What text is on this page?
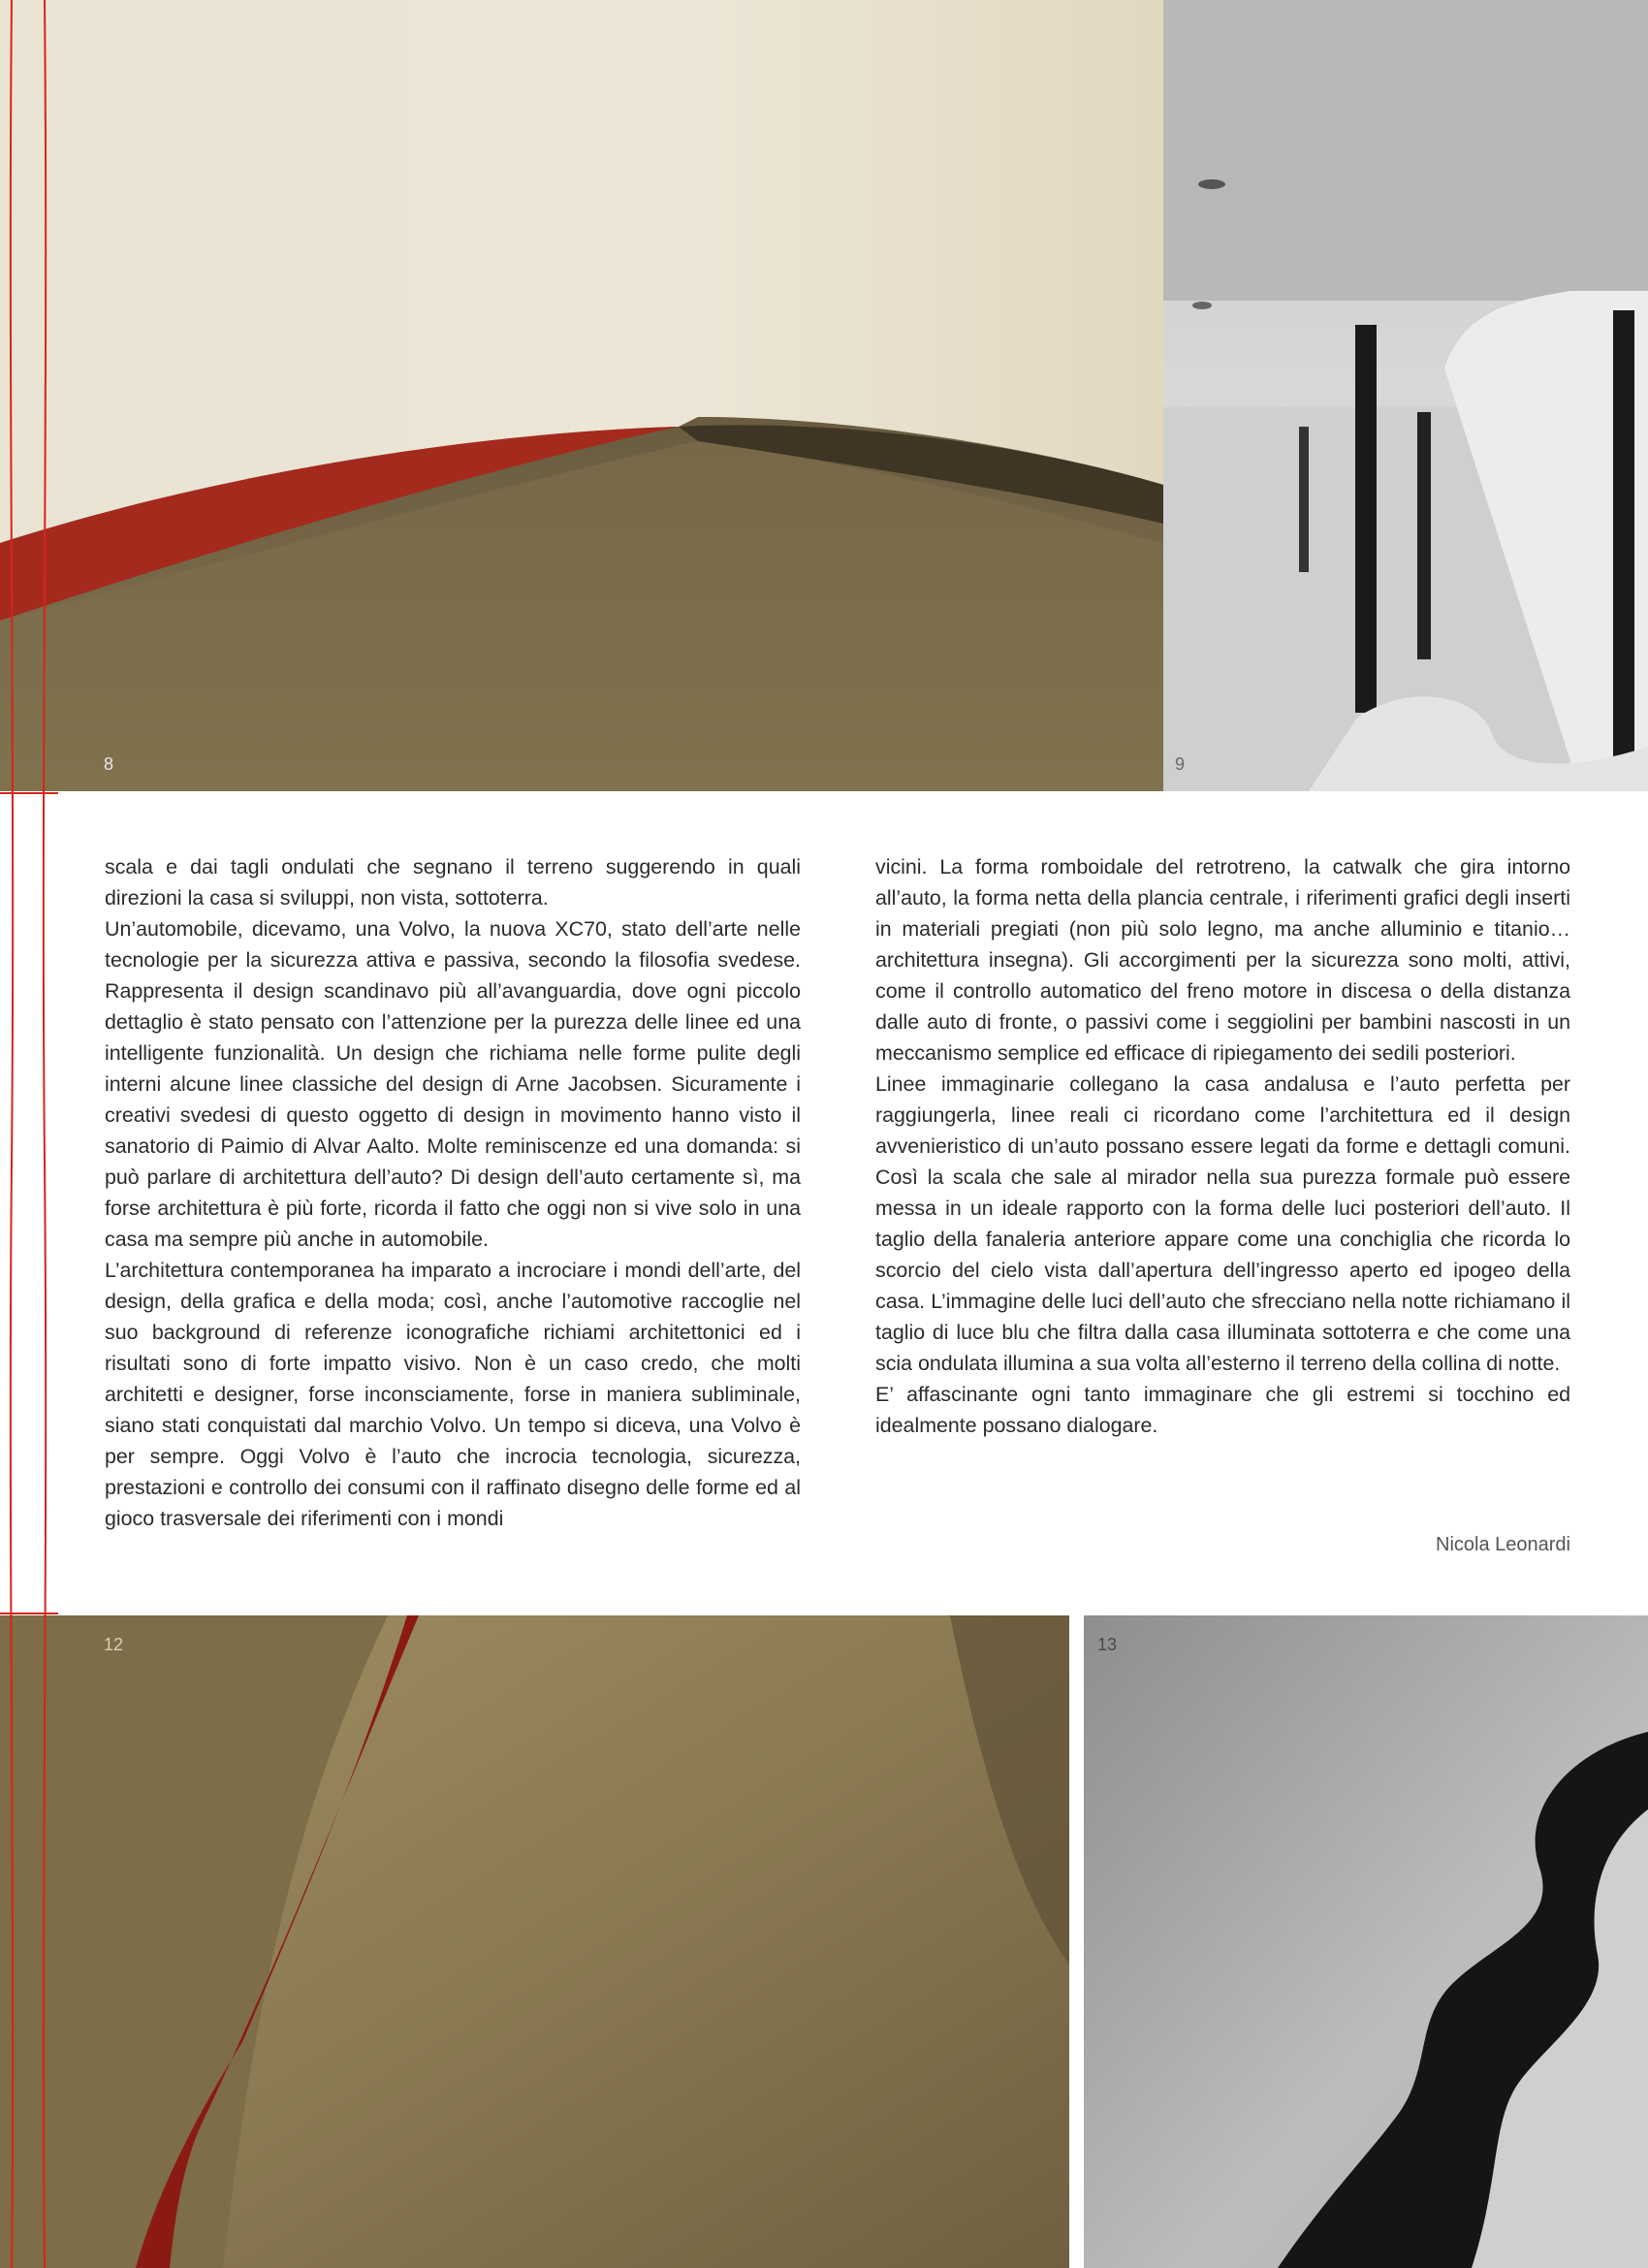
8	9

scala e dai tagli ondulati che segnano il terreno suggerendo in quali direzioni la casa si sviluppi, non vista, sottoterra.

Un’automobile, dicevamo, una Volvo, la nuova XC70, stato dell’arte nelle tecnologie per la sicurezza attiva e passiva, secondo la filosofia svedese. Rappresenta il design scandinavo più all’avanguardia, dove ogni piccolo dettaglio è stato pensato con l’attenzione per la purezza delle linee ed una intelligente funzionalità. Un design che richiama nelle forme pulite degli interni alcune linee classiche del design di Arne Jacobsen. Sicuramente i creativi svedesi di questo oggetto di design in movimento hanno visto il sanatorio di Paimio di Alvar Aalto. Molte reminiscenze ed una domanda: si può parlare di architettura dell’auto? Di design dell’auto certamente sì, ma forse architettura è più forte, ricorda il fatto che oggi non si vive solo in una casa ma sempre più anche in automobile.

L’architettura contemporanea ha imparato a incrociare i mondi dell’arte, del design, della grafica e della moda; così, anche l’automotive raccoglie nel suo background di referenze iconografiche richiami architettonici ed i risultati sono di forte impatto visivo. Non è un caso credo, che molti architetti e designer, forse inconsciamente, forse in maniera subliminale, siano stati conquistati dal marchio Volvo. Un tempo si diceva, una Volvo è per sempre. Oggi Volvo è l’auto che incrocia tecnologia, sicurezza, prestazioni e controllo dei consumi con il raffinato disegno delle forme ed al gioco trasversale dei riferimenti con i mondi

vicini. La forma romboidale del retrotreno, la catwalk che gira intorno all’auto, la forma netta della plancia centrale, i riferimenti grafici degli inserti in materiali pregiati (non più solo legno, ma anche alluminio e titanio… architettura insegna). Gli accorgimenti per la sicurezza sono molti, attivi, come il controllo automatico del freno motore in discesa o della distanza dalle auto di fronte, o passivi come i seggiolini per bambini nascosti in un meccanismo semplice ed efficace di ripiegamento dei sedili posteriori.

Linee immaginarie collegano la casa andalusa e l’auto perfetta per raggiungerla, linee reali ci ricordano come l’architettura ed il design avvenieristico di un’auto possano essere legati da forme e dettagli comuni. Così la scala che sale al mirador nella sua purezza formale può essere messa in un ideale rapporto con la forma delle luci posteriori dell’auto. Il taglio della fanaleria anteriore appare come una conchiglia che ricorda lo scorcio del cielo vista dall’apertura dell’ingresso aperto ed ipogeo della casa. L’immagine delle luci dell’auto che sfrecciano nella notte richiamano il taglio di luce blu che filtra dalla casa illuminata sottoterra e che come una scia ondulata illumina a sua volta all’esterno il terreno della collina di notte.

E’ affascinante ogni tanto immaginare che gli estremi si tocchino ed idealmente possano dialogare.

Nicola Leonardi
12	13
